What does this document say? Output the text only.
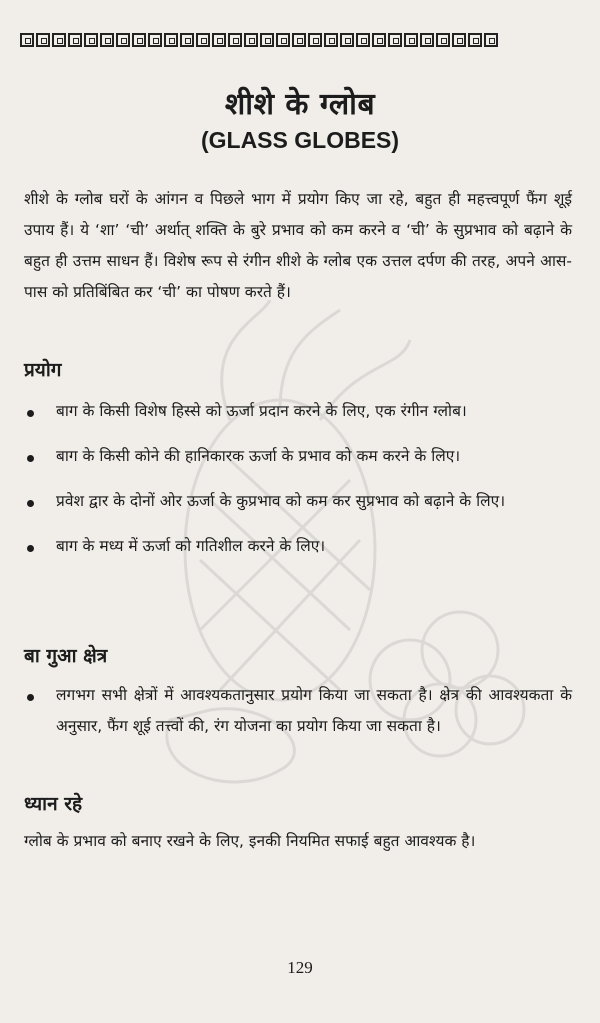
शीशे के ग्लोब
(GLASS GLOBES)
शीशे के ग्लोब घरों के आंगन व पिछले भाग में प्रयोग किए जा रहे, बहुत ही महत्त्वपूर्ण फैंग शूई उपाय हैं। ये ‘शा’ ‘ची’ अर्थात् शक्ति के बुरे प्रभाव को कम करने व ‘ची’ के सुप्रभाव को बढ़ाने के बहुत ही उत्तम साधन हैं। विशेष रूप से रंगीन शीशे के ग्लोब एक उत्तल दर्पण की तरह, अपने आस-पास को प्रतिबिंबित कर ‘ची’ का पोषण करते हैं।
प्रयोग
बाग के किसी विशेष हिस्से को ऊर्जा प्रदान करने के लिए, एक रंगीन ग्लोब।
बाग के किसी कोने की हानिकारक ऊर्जा के प्रभाव को कम करने के लिए।
प्रवेश द्वार के दोनों ओर ऊर्जा के कुप्रभाव को कम कर सुप्रभाव को बढ़ाने के लिए।
बाग के मध्य में ऊर्जा को गतिशील करने के लिए।
बा गुआ क्षेत्र
लगभग सभी क्षेत्रों में आवश्यकतानुसार प्रयोग किया जा सकता है। क्षेत्र की आवश्यकता के अनुसार, फैंग शूई तत्त्वों की, रंग योजना का प्रयोग किया जा सकता है।
ध्यान रहे
ग्लोब के प्रभाव को बनाए रखने के लिए, इनकी नियमित सफाई बहुत आवश्यक है।
129
